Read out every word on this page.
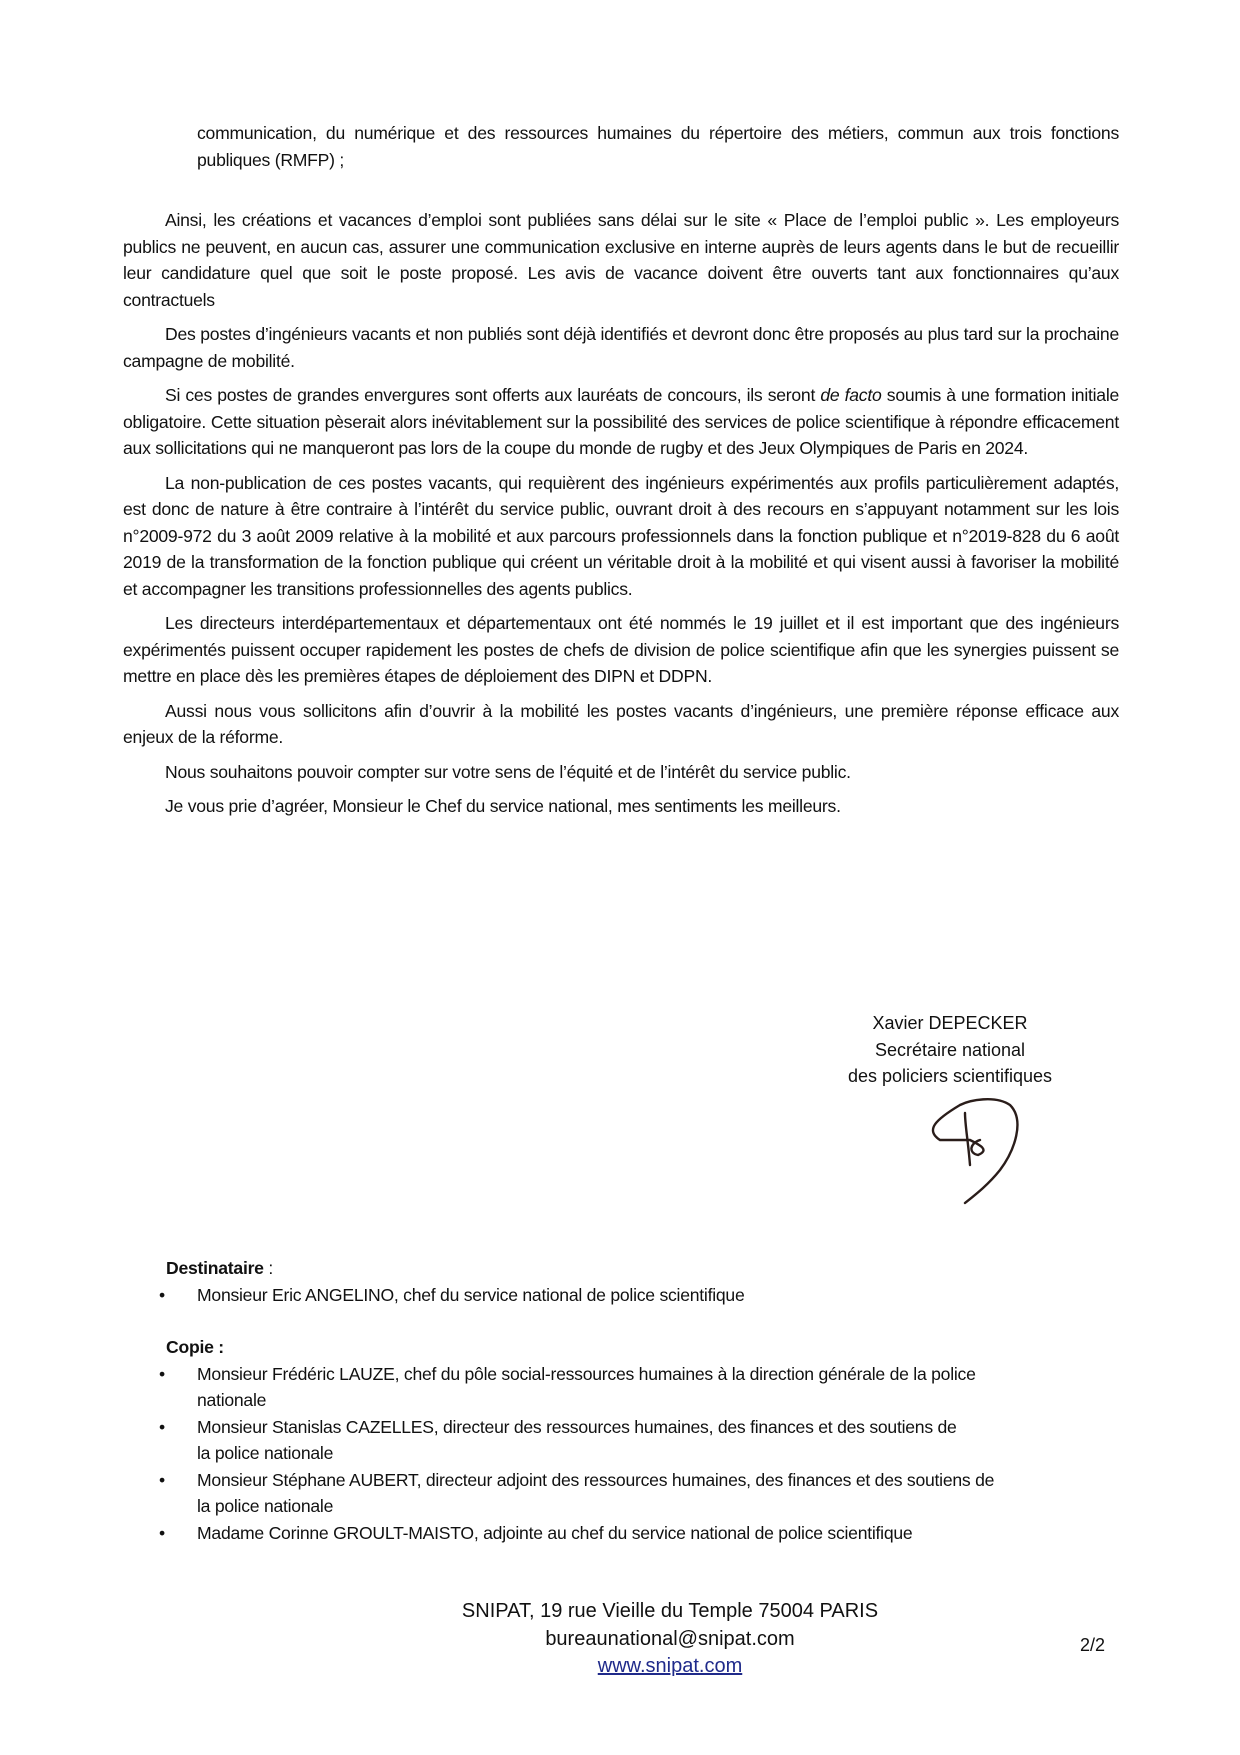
communication, du numérique et des ressources humaines du répertoire des métiers, commun aux trois fonctions publiques (RMFP) ;

Ainsi, les créations et vacances d’emploi sont publiées sans délai sur le site « Place de l’emploi public ». Les employeurs publics ne peuvent, en aucun cas, assurer une communication exclusive en interne auprès de leurs agents dans le but de recueillir leur candidature quel que soit le poste proposé. Les avis de vacance doivent être ouverts tant aux fonctionnaires qu’aux contractuels

Des postes d’ingénieurs vacants et non publiés sont déjà identifiés et devront donc être proposés au plus tard sur la prochaine campagne de mobilité.

Si ces postes de grandes envergures sont offerts aux lauréats de concours, ils seront de facto soumis à une formation initiale obligatoire. Cette situation pèserait alors inévitablement sur la possibilité des services de police scientifique à répondre efficacement aux sollicitations qui ne manqueront pas lors de la coupe du monde de rugby et des Jeux Olympiques de Paris en 2024.

La non-publication de ces postes vacants, qui requièrent des ingénieurs expérimentés aux profils particulièrement adaptés, est donc de nature à être contraire à l’intérêt du service public, ouvrant droit à des recours en s’appuyant notamment sur les lois n°2009-972 du 3 août 2009 relative à la mobilité et aux parcours professionnels dans la fonction publique et n°2019-828 du 6 août 2019 de la transformation de la fonction publique qui créent un véritable droit à la mobilité et qui visent aussi à favoriser la mobilité et accompagner les transitions professionnelles des agents publics.

Les directeurs interdépartementaux et départementaux ont été nommés le 19 juillet et il est important que des ingénieurs expérimentés puissent occuper rapidement les postes de chefs de division de police scientifique afin que les synergies puissent se mettre en place dès les premières étapes de déploiement des DIPN et DDPN.

Aussi nous vous sollicitons afin d’ouvrir à la mobilité les postes vacants d’ingénieurs, une première réponse efficace aux enjeux de la réforme.

Nous souhaitons pouvoir compter sur votre sens de l’équité et de l’intérêt du service public.

Je vous prie d’agréer, Monsieur le Chef du service national, mes sentiments les meilleurs.

Xavier DEPECKER
Secrétaire national
des policiers scientifiques
Destinataire :
• Monsieur Eric ANGELINO, chef du service national de police scientifique
Copie :
• Monsieur Frédéric LAUZE, chef du pôle social-ressources humaines à la direction générale de la police
nationale
• Monsieur Stanislas CAZELLES, directeur des ressources humaines, des finances et des soutiens de
la police nationale
• Monsieur Stéphane AUBERT, directeur adjoint des ressources humaines, des finances et des soutiens de
la police nationale
• Madame Corinne GROULT-MAISTO, adjointe au chef du service national de police scientifique
SNIPAT, 19 rue Vieille du Temple 75004 PARIS
bureaunational@snipat.com
www.snipat.com
2/2
